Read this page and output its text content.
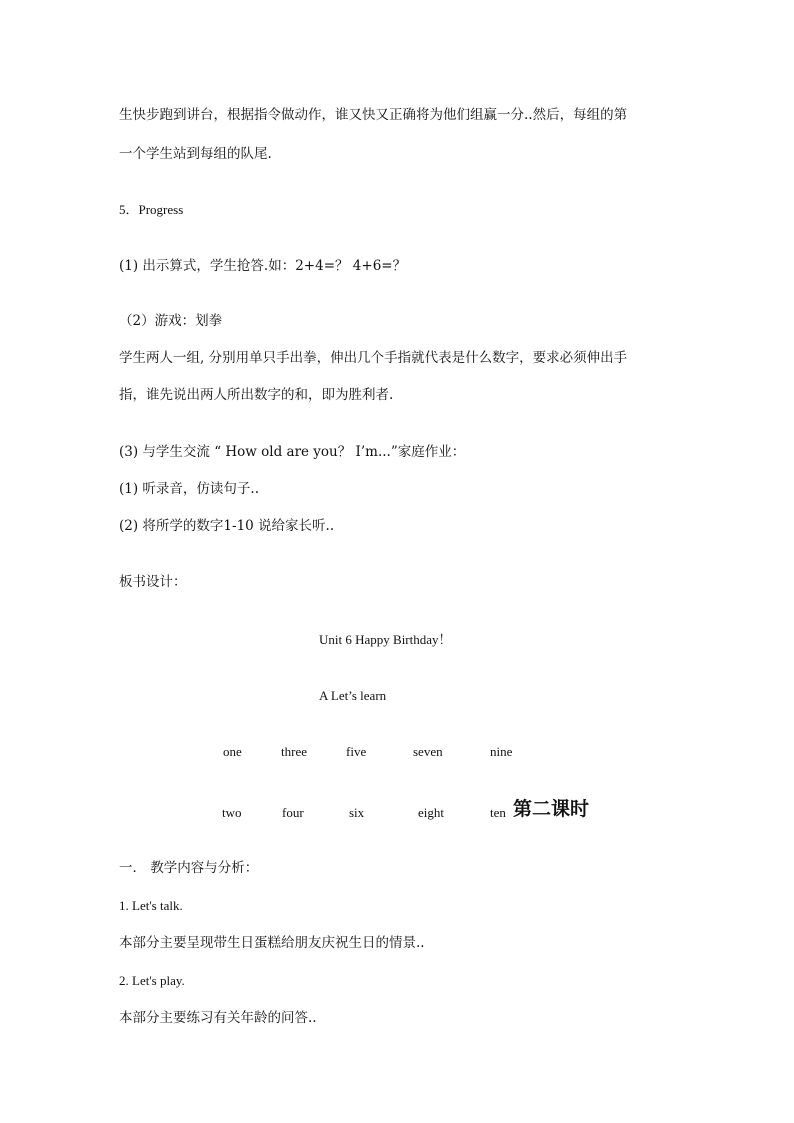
生快步跑到讲台，根据指令做动作，谁又快又正确将为他们组赢一分..然后，每组的第
一个学生站到每组的队尾.
5．Progress
(1) 出示算式，学生抢答.如：2+4=？ 4+6=？
（2）游戏：划拳
学生两人一组, 分别用单只手出拳，伸出几个手指就代表是什么数字，要求必须伸出手
指，谁先说出两人所出数字的和，即为胜利者.
(3) 与学生交流 “ How old are you？ I’m...”家庭作业：
(1) 听录音，仿读句子..
(2) 将所学的数字1-10 说给家长听..
板书设计：
Unit 6 Happy Birthday！
A Let’s learn
one	three	five	seven	nine
two	four	six	eight	ten 第二课时
一． 教学内容与分析：
1. Let's talk.
本部分主要呈现带生日蛋糕给朋友庆祝生日的情景..
2. Let's play.
本部分主要练习有关年龄的问答..
